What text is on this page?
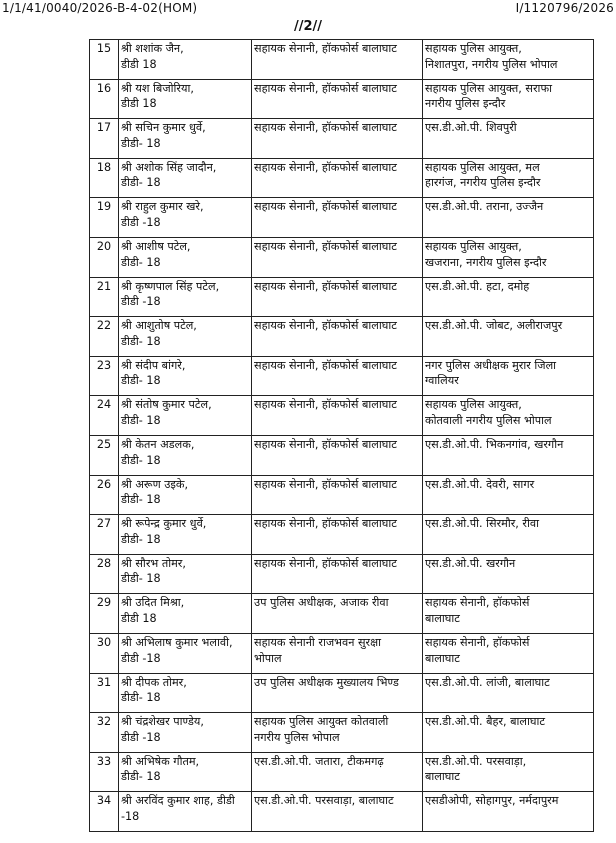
1/1/41/0040/2026-B-4-02(HOM)	I/1120796/2026
//2//
15	श्री शशांक जैन,
डीडी 18	सहायक सेनानी, हॉकफोर्स बालाघाट	सहायक पुलिस आयुक्त,
निशातपुरा, नगरीय पुलिस भोपाल

16	श्री यश बिजोरिया,
डीडी 18	सहायक सेनानी, हॉकफोर्स बालाघाट	सहायक पुलिस आयुक्त, सराफा
नगरीय पुलिस इन्दौर

17	श्री सचिन कुमार धुर्वे,
डीडी- 18	सहायक सेनानी, हॉकफोर्स बालाघाट	एस.डी.ओ.पी. शिवपुरी

18	श्री अशोक सिंह जादौन,
डीडी- 18	सहायक सेनानी, हॉकफोर्स बालाघाट	सहायक पुलिस आयुक्त, मल
हारगंज, नगरीय पुलिस इन्दौर

19	श्री राहुल कुमार खरे,
डीडी -18	सहायक सेनानी, हॉकफोर्स बालाघाट	एस.डी.ओ.पी. तराना, उज्जैन

20	श्री आशीष पटेल,
डीडी- 18	सहायक सेनानी, हॉकफोर्स बालाघाट	सहायक पुलिस आयुक्त,
खजराना, नगरीय पुलिस इन्दौर

21	श्री कृष्णपाल सिंह पटेल,
डीडी -18	सहायक सेनानी, हॉकफोर्स बालाघाट	एस.डी.ओ.पी. हटा, दमोह

22	श्री आशुतोष पटेल,
डीडी- 18	सहायक सेनानी, हॉकफोर्स बालाघाट	एस.डी.ओ.पी. जोबट, अलीराजपुर

23	श्री संदीप बांगरे,
डीडी- 18	सहायक सेनानी, हॉकफोर्स बालाघाट	नगर पुलिस अधीक्षक मुरार जिला
ग्वालियर

24	श्री संतोष कुमार पटेल,
डीडी- 18	सहायक सेनानी, हॉकफोर्स बालाघाट	सहायक पुलिस आयुक्त,
कोतवाली नगरीय पुलिस भोपाल

25	श्री केतन अडलक,
डीडी- 18	सहायक सेनानी, हॉकफोर्स बालाघाट	एस.डी.ओ.पी. भिकनगांव, खरगौन

26	श्री अरूण उइके,
डीडी- 18	सहायक सेनानी, हॉकफोर्स बालाघाट	एस.डी.ओ.पी. देवरी, सागर

27	श्री रूपेन्द्र कुमार धुर्वे,
डीडी- 18	सहायक सेनानी, हॉकफोर्स बालाघाट	एस.डी.ओ.पी. सिरमौर, रीवा

28	श्री सौरभ तोमर,
डीडी- 18	सहायक सेनानी, हॉकफोर्स बालाघाट	एस.डी.ओ.पी. खरगौन

29	श्री उदित मिश्रा,
डीडी 18	उप पुलिस अधीक्षक, अजाक रीवा	सहायक सेनानी, हॉकफोर्स
बालाघाट

30	श्री अभिलाष कुमार भलावी,
डीडी -18	सहायक सेनानी राजभवन सुरक्षा
भोपाल	सहायक सेनानी, हॉकफोर्स
बालाघाट

31	श्री दीपक तोमर,
डीडी- 18	उप पुलिस अधीक्षक मुख्यालय भिण्ड	एस.डी.ओ.पी. लांजी, बालाघाट

32	श्री चंद्रशेखर पाण्डेय,
डीडी -18	सहायक पुलिस आयुक्त कोतवाली
नगरीय पुलिस भोपाल	एस.डी.ओ.पी. बैहर, बालाघाट

33	श्री अभिषेक गौतम,
डीडी- 18	एस.डी.ओ.पी. जतारा, टीकमगढ़	एस.डी.ओ.पी. परसवाड़ा,
बालाघाट

34	श्री अरविंद कुमार शाह, डीडी
-18	एस.डी.ओ.पी. परसवाड़ा, बालाघाट	एसडीओपी, सोहागपुर, नर्मदापुरम
